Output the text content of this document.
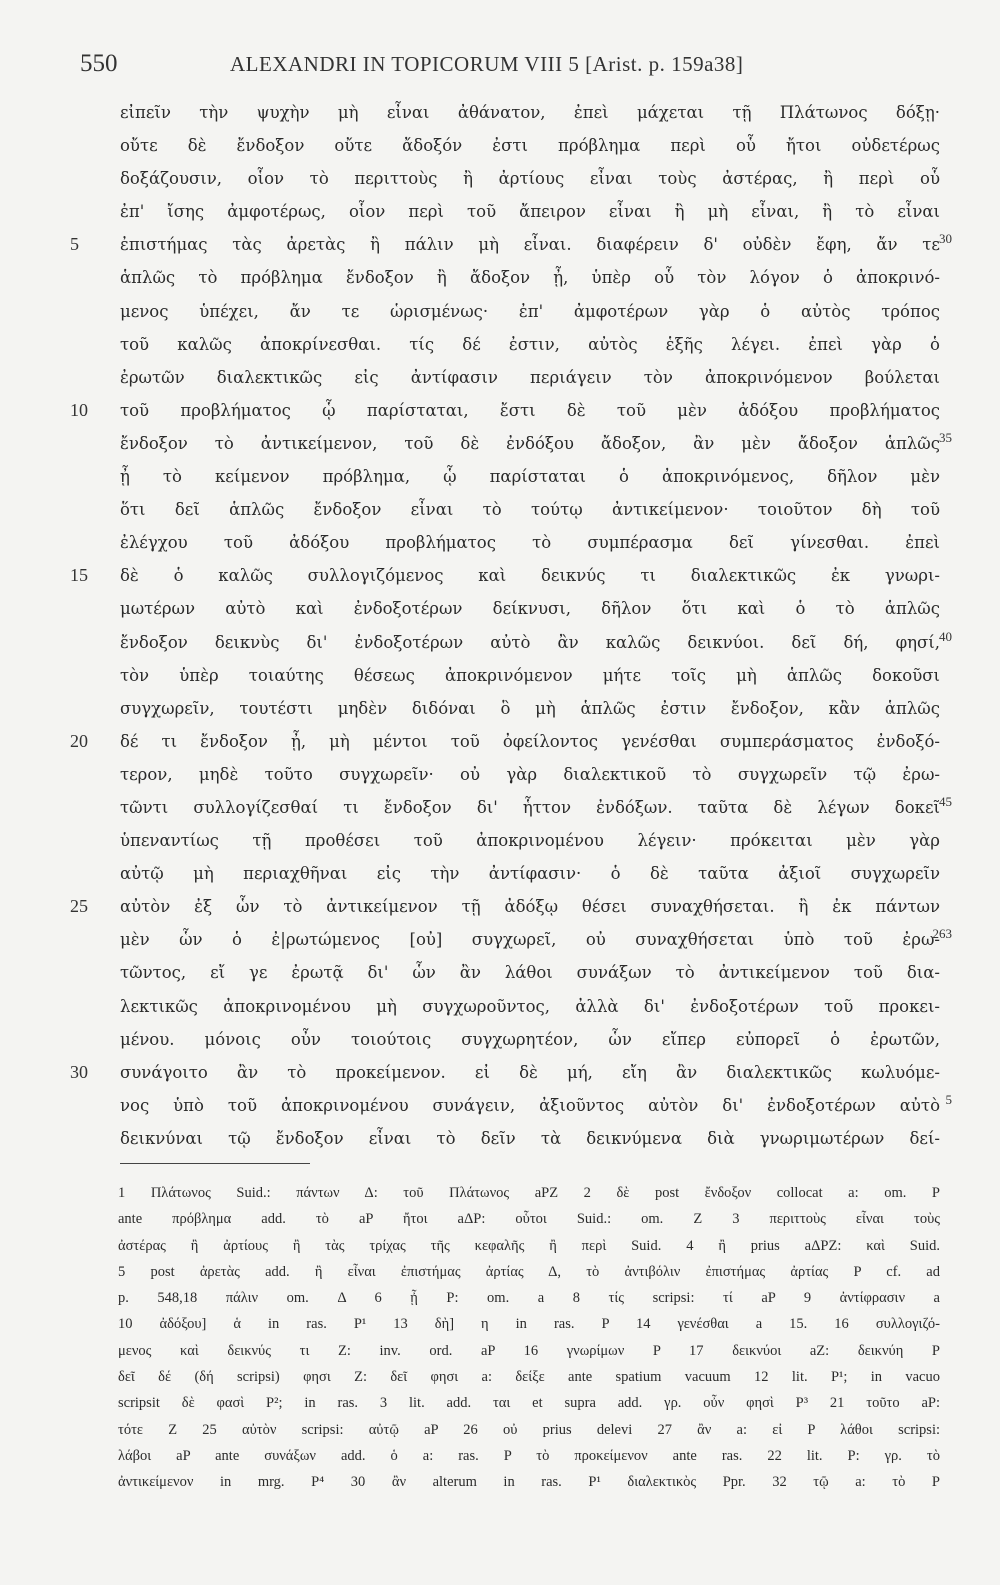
550	ALEXANDRI IN TOPICORUM VIII 5 [Arist. p. 159a38]
εἰπεῖν τὴν ψυχὴν μὴ εἶναι ἀθάνατον, ἐπεὶ μάχεται τῇ Πλάτωνος δόξῃ·
οὔτε δὲ ἔνδοξον οὔτε ἄδοξόν ἐστι πρόβλημα περὶ οὗ ἤτοι οὐδετέρως
δοξάζουσιν, οἷον τὸ περιττοὺς ἢ ἀρτίους εἶναι τοὺς ἀστέρας, ἢ περὶ οὗ
ἐπ' ἴσης ἀμφοτέρως, οἷον περὶ τοῦ ἄπειρον εἶναι ἢ μὴ εἶναι, ἢ τὸ εἶναι
5	ἐπιστήμας τὰς ἀρετὰς ἢ πάλιν μὴ εἶναι. διαφέρειν δ' οὐδὲν ἔφη, ἄν τε 30
ἁπλῶς τὸ πρόβλημα ἔνδοξον ἢ ἄδοξον ᾖ, ὑπὲρ οὗ τὸν λόγον ὁ ἀποκρινό-
μενος ὑπέχει, ἄν τε ὡρισμένως· ἐπ' ἀμφοτέρων γὰρ ὁ αὐτὸς τρόπος
τοῦ καλῶς ἀποκρίνεσθαι. τίς δέ ἐστιν, αὐτὸς ἑξῆς λέγει. ἐπεὶ γὰρ ὁ
ἐρωτῶν διαλεκτικῶς εἰς ἀντίφασιν περιάγειν τὸν ἀποκρινόμενον βούλεται
10	τοῦ προβλήματος ᾧ παρίσταται, ἔστι δὲ τοῦ μὲν ἀδόξου προβλήματος
ἔνδοξον τὸ ἀντικείμενον, τοῦ δὲ ἐνδόξου ἄδοξον, ἂν μὲν ἄδοξον ἁπλῶς 35
ᾖ τὸ κείμενον πρόβλημα, ᾧ παρίσταται ὁ ἀποκρινόμενος, δῆλον μὲν
ὅτι δεῖ ἁπλῶς ἔνδοξον εἶναι τὸ τούτῳ ἀντικείμενον· τοιοῦτον δὴ τοῦ
ἐλέγχου τοῦ ἀδόξου προβλήματος τὸ συμπέρασμα δεῖ γίνεσθαι. ἐπεὶ
15	δὲ ὁ καλῶς συλλογιζόμενος καὶ δεικνύς τι διαλεκτικῶς ἐκ γνωρι-
μωτέρων αὐτὸ καὶ ἐνδοξοτέρων δείκνυσι, δῆλον ὅτι καὶ ὁ τὸ ἁπλῶς
ἔνδοξον δεικνὺς δι' ἐνδοξοτέρων αὐτὸ ἂν καλῶς δεικνύοι. δεῖ δή, φησί, 40
τὸν ὑπὲρ τοιαύτης θέσεως ἀποκρινόμενον μήτε τοῖς μὴ ἁπλῶς δοκοῦσι
συγχωρεῖν, τουτέστι μηδὲν διδόναι ὃ μὴ ἁπλῶς ἐστιν ἔνδοξον, κἂν ἁπλῶς
20	δέ τι ἔνδοξον ᾖ, μὴ μέντοι τοῦ ὀφείλοντος γενέσθαι συμπεράσματος ἐνδοξό-
τερον, μηδὲ τοῦτο συγχωρεῖν· οὐ γὰρ διαλεκτικοῦ τὸ συγχωρεῖν τῷ ἐρω-
τῶντι συλλογίζεσθαί τι ἔνδοξον δι' ἧττον ἐνδόξων. ταῦτα δὲ λέγων δοκεῖ 45
ὑπεναντίως τῇ προθέσει τοῦ ἀποκρινομένου λέγειν· πρόκειται μὲν γὰρ
αὐτῷ μὴ περιαχθῆναι εἰς τὴν ἀντίφασιν· ὁ δὲ ταῦτα ἀξιοῖ συγχωρεῖν
25	αὐτὸν ἐξ ὧν τὸ ἀντικείμενον τῇ ἀδόξῳ θέσει συναχθήσεται. ἢ ἐκ πάντων
μὲν ὧν ὁ ἐ|ρωτώμενος [οὐ] συγχωρεῖ, οὐ συναχθήσεται ὑπὸ τοῦ ἐρω-
263
τῶντος, εἴ γε ἐρωτᾷ δι' ὧν ἂν λάθοι συνάξων τὸ ἀντικείμενον τοῦ δια-
λεκτικῶς ἀποκρινομένου μὴ συγχωροῦντος, ἀλλὰ δι' ἐνδοξοτέρων τοῦ προκει-
μένου. μόνοις οὖν τοιούτοις συγχωρητέον, ὧν εἴπερ εὐπορεῖ ὁ ἐρωτῶν,
30	συνάγοιτο ἂν τὸ προκείμενον. εἰ δὲ μή, εἴη ἂν διαλεκτικῶς κωλυόμε-
νος ὑπὸ τοῦ ἀποκρινομένου συνάγειν, ἀξιοῦντος αὐτὸν δι' ἐνδοξοτέρων αὐτὸ 5
δεικνύναι τῷ ἔνδοξον εἶναι τὸ δεῖν τὰ δεικνύμενα διὰ γνωριμωτέρων δεί-
1 Πλάτωνος Suid.: πάντων Δ: τοῦ Πλάτωνος aPZ 2 δὲ post ἔνδοξον collocat a: om. P
ante πρόβλημα add. τὸ aP ἤτοι aΔP: οὗτοι Suid.: om. Z 3 περιττοὺς εἶναι τοὺς
ἀστέρας ἢ ἀρτίους ἢ τὰς τρίχας τῆς κεφαλῆς ἢ περὶ Suid. 4 ἢ prius aΔPZ: καὶ Suid.
5 post ἀρετὰς add. ἢ εἶναι ἐπιστήμας ἀρτίας Δ, τὸ ἀντιβόλιν ἐπιστήμας ἀρτίας P cf. ad
p. 548,18 πάλιν om. Δ 6 ᾖ P: om. a 8 τίς scripsi: τί aP 9 ἀντίφρασιν a
10 ἀδόξου] ἁ in ras. P¹ 13 δὴ] η in ras. P 14 γενέσθαι a 15. 16 συλλογιζό-
μενος καὶ δεικνύς τι Z: inv. ord. aP 16 γνωρίμων P 17 δεικνύοι aZ: δεικνύη P
δεῖ δέ (δή scripsi) φησι Z: δεῖ φησι a: δείξε ante spatium vacuum 12 lit. P¹; in vacuo
scripsit δὲ φασὶ P²; in ras. 3 lit. add. ται et supra add. γρ. οὖν φησὶ P³ 21 τοῦτο aP:
τότε Z 25 αὐτὸν scripsi: αὐτῷ aP 26 οὐ prius delevi 27 ἂν a: εἰ P λάθοι scripsi:
λάβοι aP ante συνάξων add. ὁ a: ras. P τὸ προκείμενον ante ras. 22 lit. P: γρ. τὸ
ἀντικείμενον in mrg. P⁴ 30 ἂν alterum in ras. P¹ διαλεκτικὸς Ppr. 32 τῷ a: τὸ P
